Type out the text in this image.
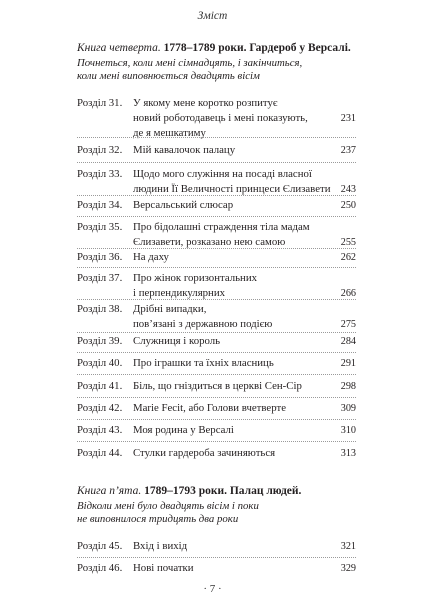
Зміст
Книга четверта. 1778–1789 роки. Гардероб у Версалі.
Почнеться, коли мені сімнадцять, і закінчиться,
коли мені виповнюється двадцять вісім
Розділ 31. У якому мене коротко розпитує
новий роботодавець і мені показують,
де я мешкатиму
231
Розділ 32. Мій кавалочок палацу	237
Розділ 33. Щодо мого служіння на посаді власної
людини Її Величності принцеси Єлизавети 243
Розділ 34. Версальський слюсар	250
Розділ 35. Про бідолашні страждення тіла мадам
Єлизавети, розказано нею самою	255
Розділ 36. На даху	262
Розділ 37. Про жінок горизонтальних
і перпендикулярних	266
Розділ 38. Дрібні випадки,
пов’язані з державною подією	275
Розділ 39. Служниця і король	284
Розділ 40. Про іграшки та їхніх власниць	291
Розділ 41. Біль, що гніздиться в церкві Сен-Сір	298
Розділ 42. Marie Fecit, або Голови вчетверте	309
Розділ 43. Моя родина у Версалі	310
Розділ 44. Стулки гардероба зачиняються	313
Книга п’ята. 1789–1793 роки. Палац людей.
Відколи мені було двадцять вісім і поки
не виповнилося тридцять два роки
Розділ 45. Вхід і вихід	321
Розділ 46. Нові початки	329
· 7 ·
